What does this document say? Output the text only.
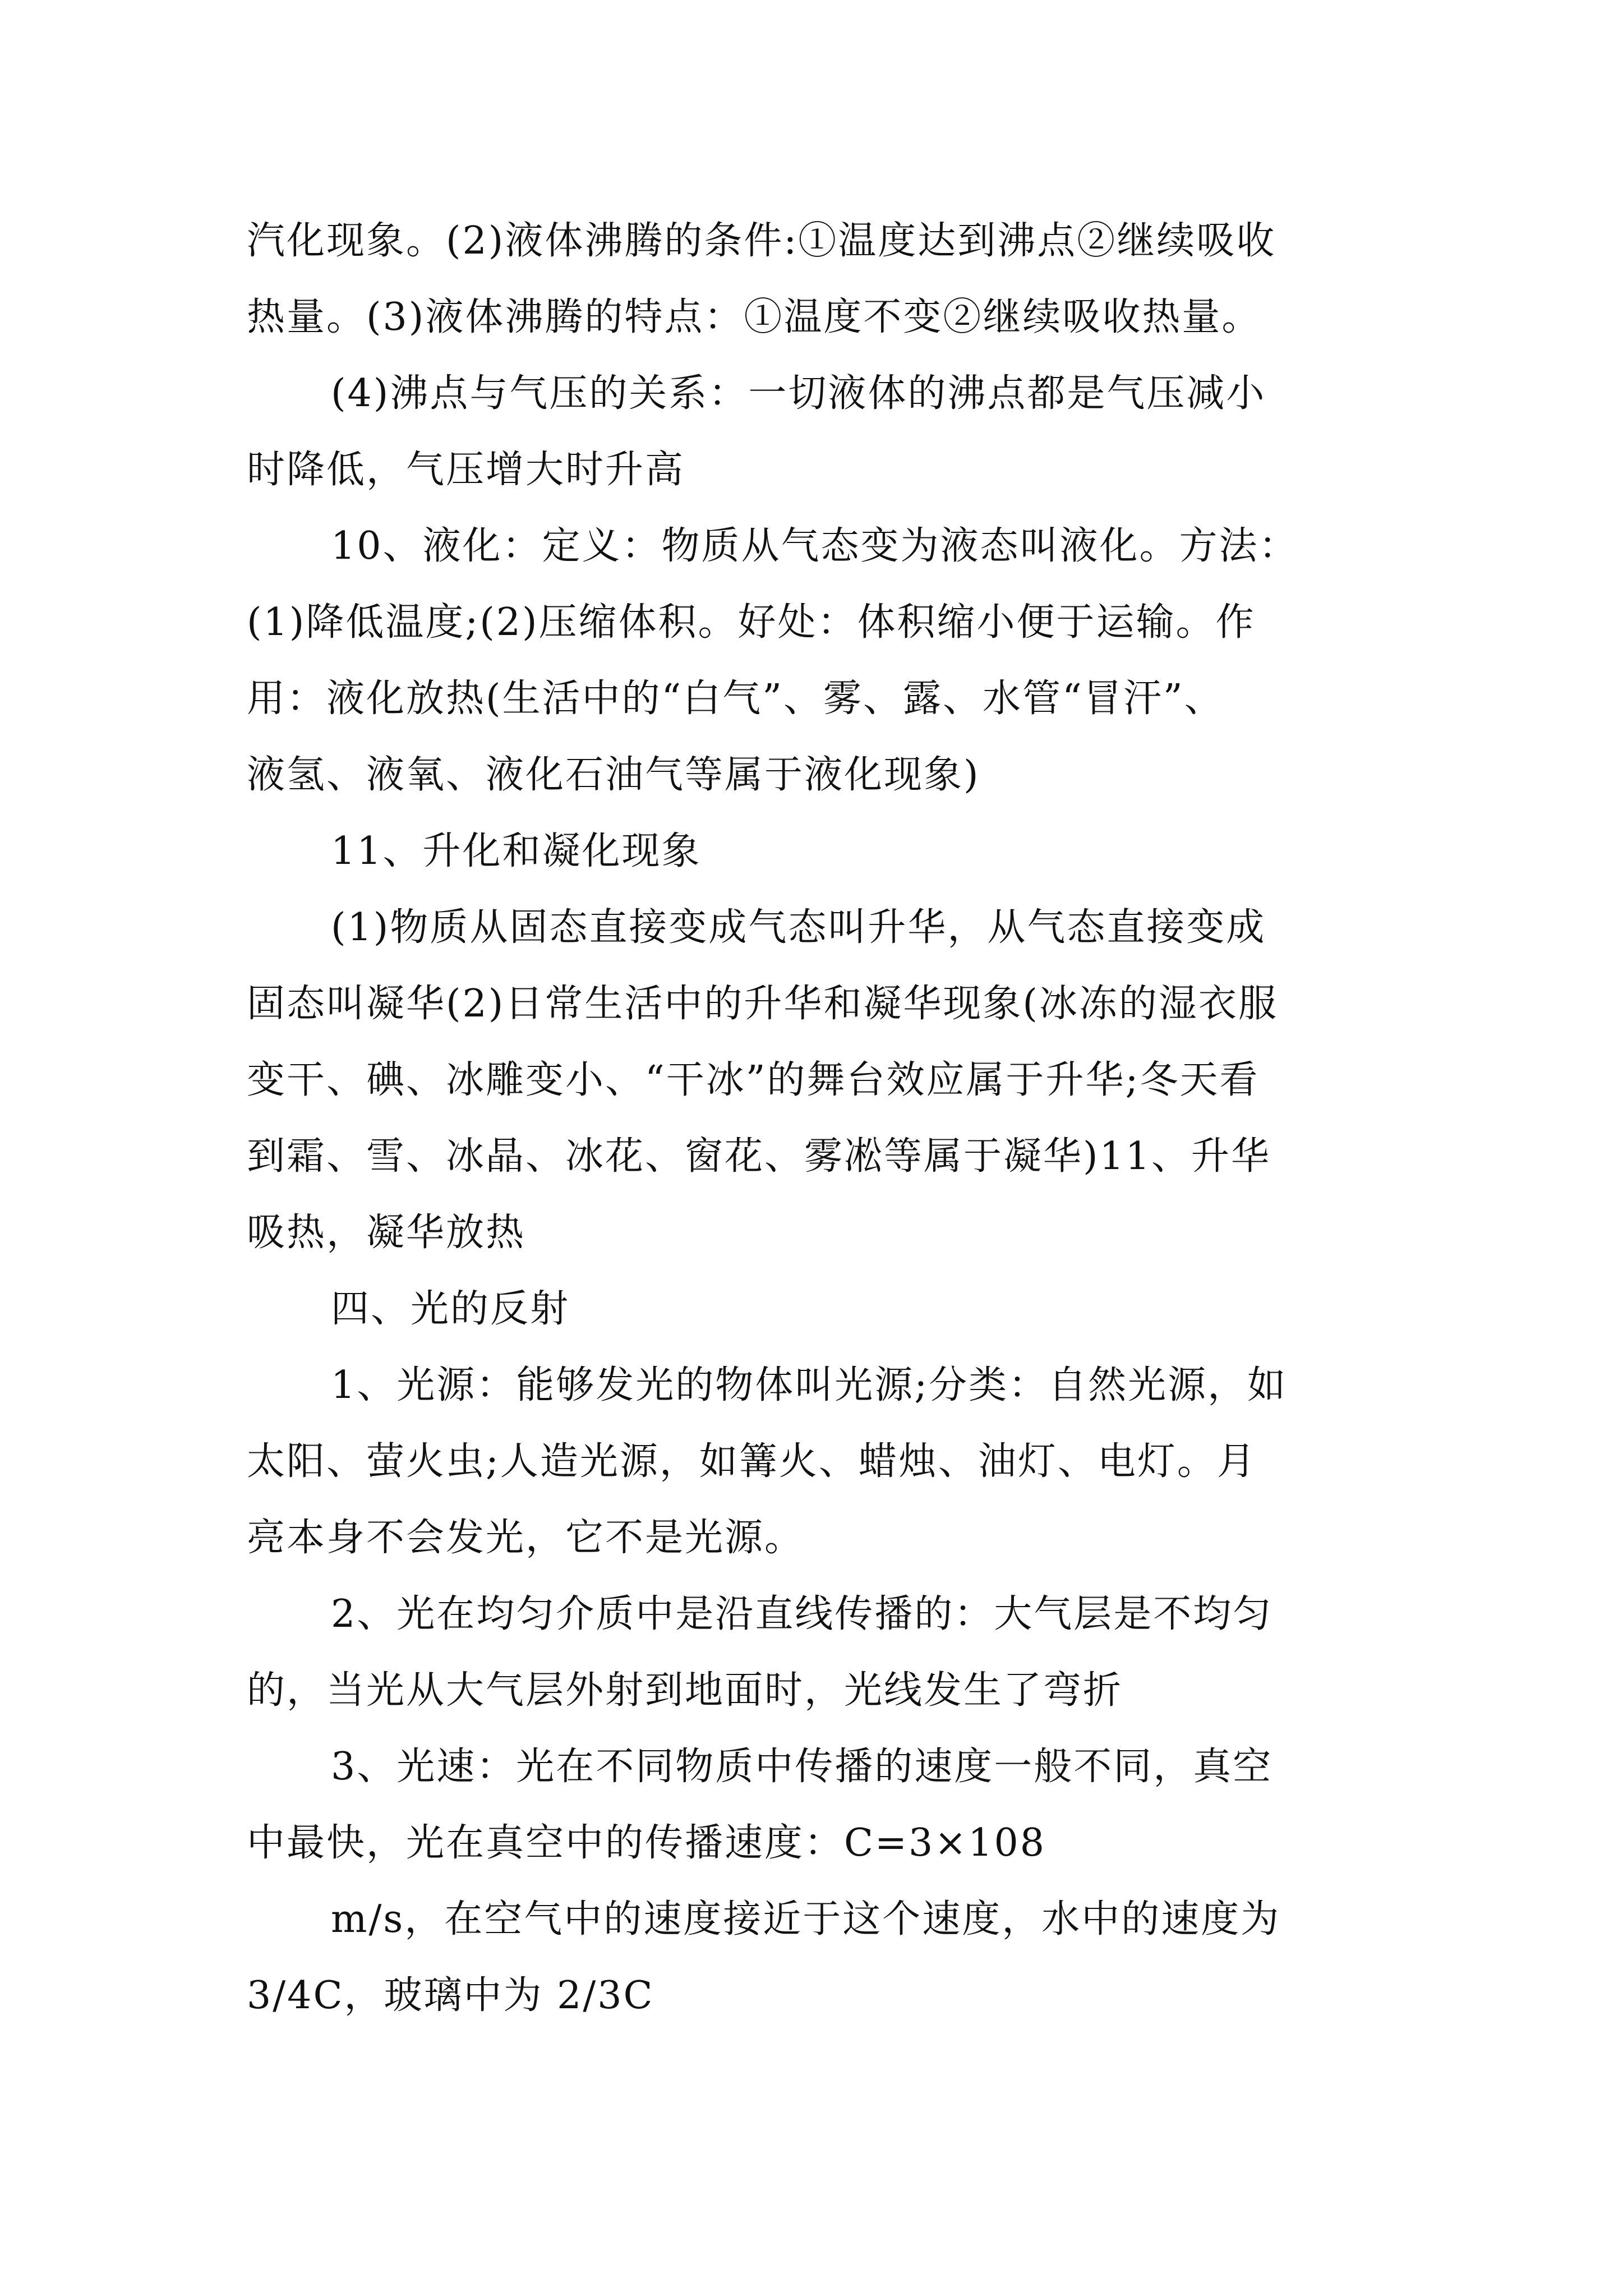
汽化现象。(2)液体沸腾的条件:①温度达到沸点②继续吸收
热量。(3)液体沸腾的特点：①温度不变②继续吸收热量。
(4)沸点与气压的关系：一切液体的沸点都是气压减小
时降低，气压增大时升高
10、液化：定义：物质从气态变为液态叫液化。方法：
(1)降低温度;(2)压缩体积。好处：体积缩小便于运输。作
用：液化放热(生活中的“白气”、雾、露、水管“冒汗”、
液氢、液氧、液化石油气等属于液化现象)
11、升化和凝化现象
(1)物质从固态直接变成气态叫升华，从气态直接变成
固态叫凝华(2)日常生活中的升华和凝华现象(冰冻的湿衣服
变干、碘、冰雕变小、“干冰”的舞台效应属于升华;冬天看
到霜、雪、冰晶、冰花、窗花、雾凇等属于凝华)11、升华
吸热，凝华放热
四、光的反射
1、光源：能够发光的物体叫光源;分类：自然光源，如
太阳、萤火虫;人造光源，如篝火、蜡烛、油灯、电灯。月
亮本身不会发光，它不是光源。
2、光在均匀介质中是沿直线传播的：大气层是不均匀
的，当光从大气层外射到地面时，光线发生了弯折
3、光速：光在不同物质中传播的速度一般不同，真空
中最快，光在真空中的传播速度：C=3×108
m/s，在空气中的速度接近于这个速度，水中的速度为
3/4C，玻璃中为 2/3C
